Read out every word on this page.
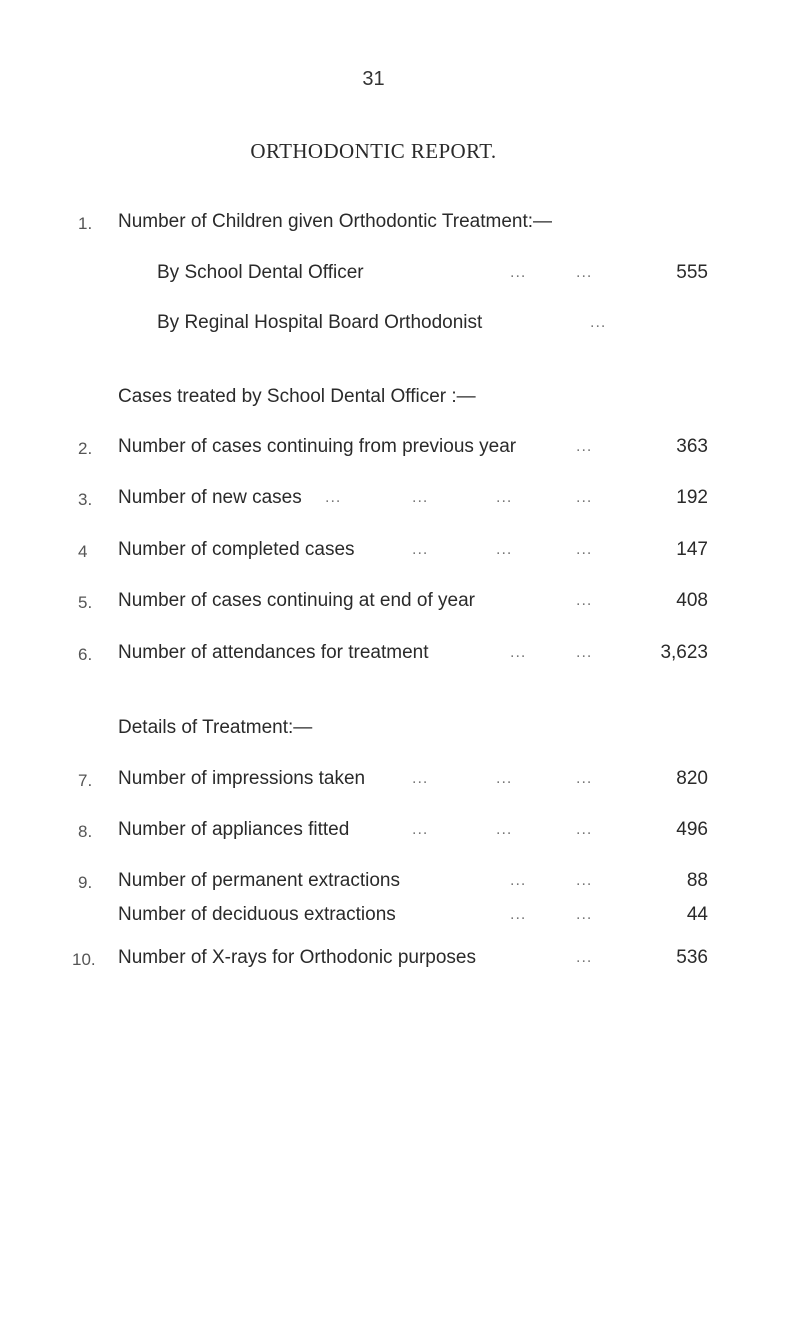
31
ORTHODONTIC REPORT.
1. Number of Children given Orthodontic Treatment:—
By School Dental Officer	...	...	555
By Reginal Hospital Board Orthodonist	...
Cases treated by School Dental Officer :—
2. Number of cases continuing from previous year	...	363
3. Number of new cases ...	...	...	...	192
4 Number of completed cases	...	...	...	147
5. Number of cases continuing at end of year	...	408
6. Number of attendances for treatment	...	...	3,623
Details of Treatment:—
7. Number of impressions taken	...	...	...	820
8. Number of appliances fitted	...	...	...	496
9. Number of permanent extractions	...	...	88
Number of deciduous extractions	...	...	44
10. Number of X-rays for Orthodonic purposes	...	536
